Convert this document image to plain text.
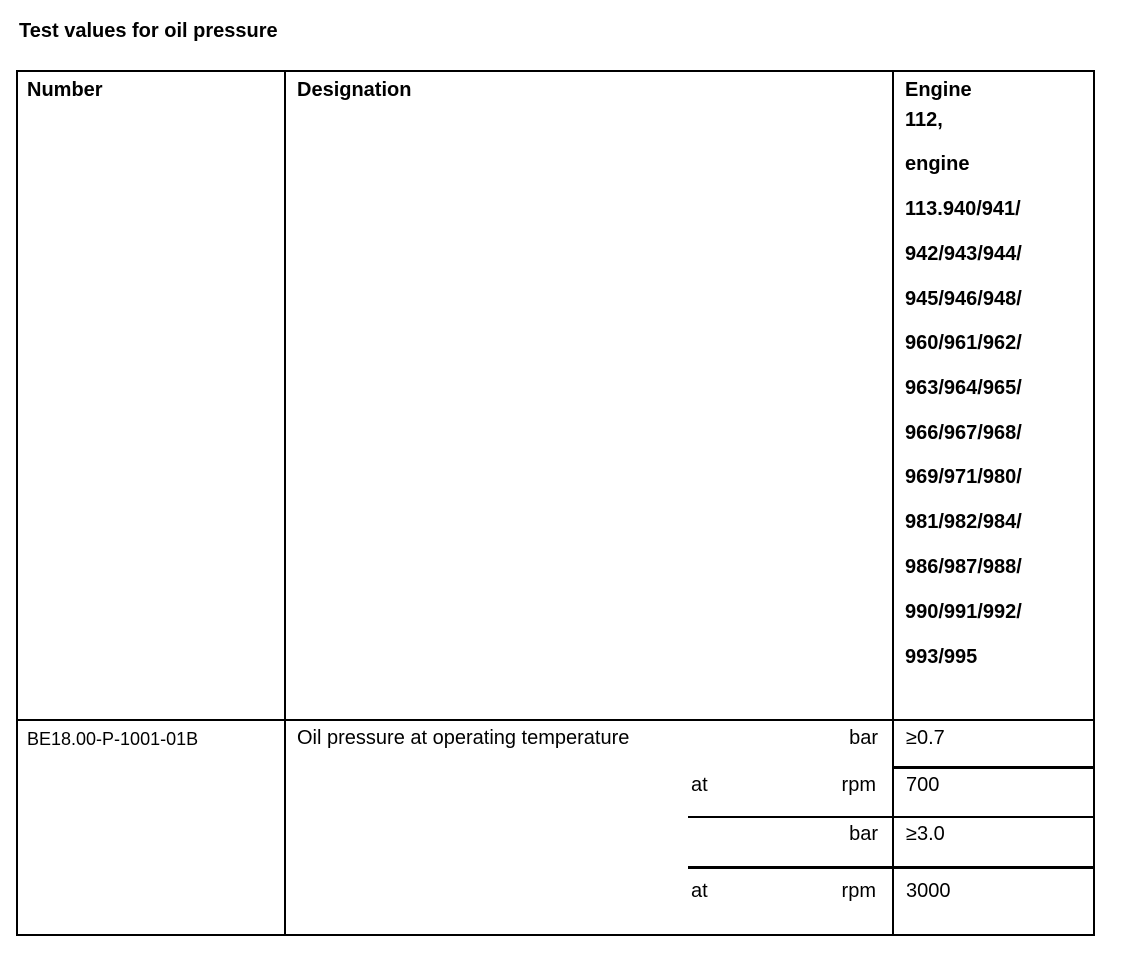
Test values for oil pressure
Number	Designation	Engine
112,
engine
113.940/941/
942/943/944/
945/946/948/
960/961/962/
963/964/965/
966/967/968/
969/971/980/
981/982/984/
986/987/988/
990/991/992/
993/995
BE18.00-P-1001-01B	Oil pressure at operating temperature	bar ≥0.7
at	rpm 700
bar ≥3.0
at	rpm 3000
